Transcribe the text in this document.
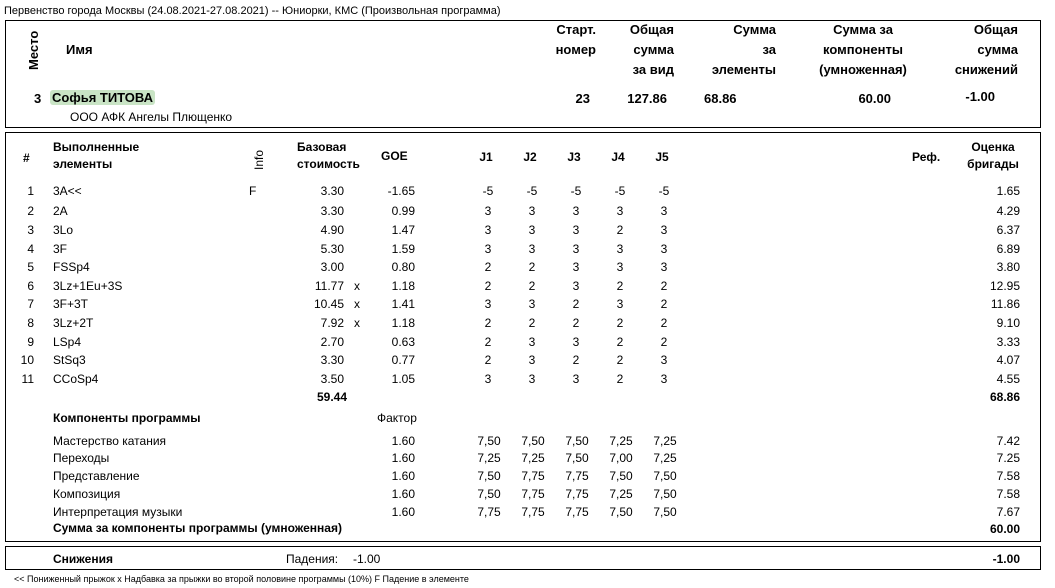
Первенство города Москвы (24.08.2021-27.08.2021) -- Юниорки, КМС (Произвольная программа)
Место Имя
Старт.
номер
Общая
сумма
за вид
Сумма
за
элементы
Сумма за
компоненты
(умноженная)
Общая
сумма
снижений
3 Софья ТИТОВА
ООО АФК Ангелы Плющенко
23	127.86	68.86	60.00	-1.00
#
Выполненные
элементы	Info
Базовая
стоимость
GOE	J1	J2	J3	J4	J5	Реф.
Оценка
бригады
1 3A<<	F	3.30	-1.65	-5	-5	-5	-5	-5	1.65
2 2A	3.30	0.99	3	3	3	3	3	4.29
3 3Lo	4.90	1.47	3	3	3	2	3	6.37
4 3F	5.30	1.59	3	3	3	3	3	6.89
5 FSSp4	3.00	0.80	2	2	3	3	3	3.80
6 3Lz+1Eu+3S	11.77 x	1.18	2	2	3	2	2	12.95
7 3F+3T	10.45 x	1.41	3	3	2	3	2	11.86
8 3Lz+2T	7.92 x	1.18	2	2	2	2	2	9.10
9 LSp4	2.70	0.63	2	3	3	2	2	3.33
10 StSq3	3.30	0.77	2	3	2	2	3	4.07
11 CCoSp4	3.50	1.05	3	3	3	2	3	4.55
59.44	68.86
Компоненты программы	Фактор
Мастерство катания	1.60	7,50	7,50	7,50	7,25	7,25	7.42
Переходы	1.60	7,25	7,25	7,50	7,00	7,25	7.25
Представление	1.60	7,50	7,75	7,75	7,50	7,50	7.58
Композиция	1.60	7,50	7,75	7,75	7,25	7,50	7.58
Интерпретация музыки	1.60	7,75	7,75	7,75	7,50	7,50	7.67
Сумма за компоненты программы (умноженная)	60.00
Снижения	Падения: -1.00	-1.00
<< Пониженный прыжок x Надбавка за прыжки во второй половине программы (10%) F Падение в элементе
